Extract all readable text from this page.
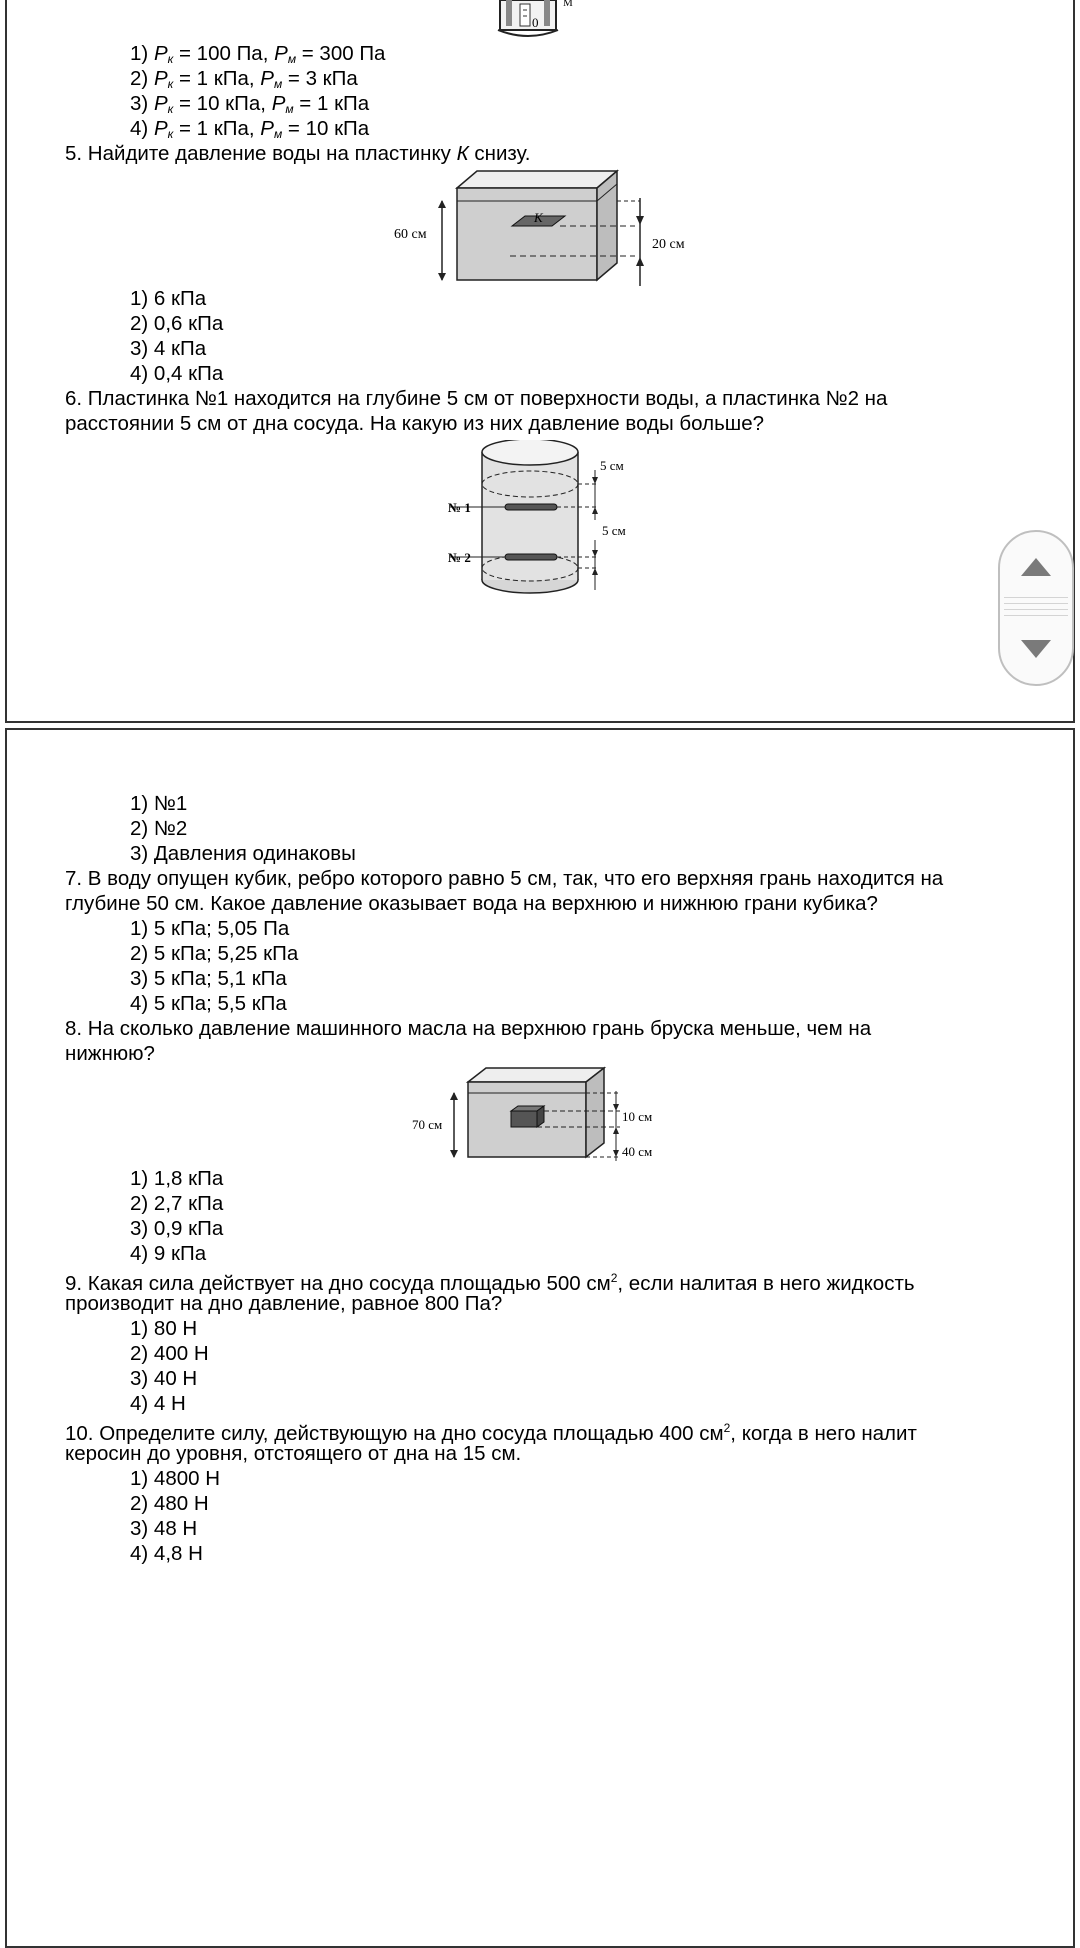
0
М
1) $P_к = 100$ Па, $P_м = 300$ Па
2) $P_к = 1$ кПа, $P_м = 3$ кПа
3) $P_к = 10$ кПа, $P_м = 1$ кПа
4) $P_к = 1$ кПа, $P_м = 10$ кПа
5. Найдите давление воды на пластинку К снизу.
К
60 см
20 см
1) 6 кПа
2) 0,6 кПа
3) 4 кПа
4) 0,4 кПа
6. Пластинка №1 находится на глубине 5 см от поверхности воды, а пластинка №2 на
расстоянии 5 см от дна сосуда. На какую из них давление воды больше?
№ 1
№ 2
5 см
5 см
1) №1
2) №2
3) Давления одинаковы
7. В воду опущен кубик, ребро которого равно 5 см, так, что его верхняя грань находится на
глубине 50 см. Какое давление оказывает вода на верхнюю и нижнюю грани кубика?
1) 5 кПа; 5,05 Па
2) 5 кПа; 5,25 кПа
3) 5 кПа; 5,1 кПа
4) 5 кПа; 5,5 кПа
8. На сколько давление машинного масла на верхнюю грань бруска меньше, чем на
нижнюю?
70 см
10 см
40 см
1) 1,8 кПа
2) 2,7 кПа
3) 0,9 кПа
4) 9 кПа
9. Какая сила действует на дно сосуда площадью 500 $см^2$, если налитая в него жидкость
производит на дно давление, равное 800 Па?
1) 80 Н
2) 400 Н
3) 40 Н
4) 4 Н
10. Определите силу, действующую на дно сосуда площадью 400 $см^2$, когда в него налит
керосин до уровня, отстоящего от дна на 15 см.
1) 4800 Н
2) 480 Н
3) 48 Н
4) 4,8 Н
